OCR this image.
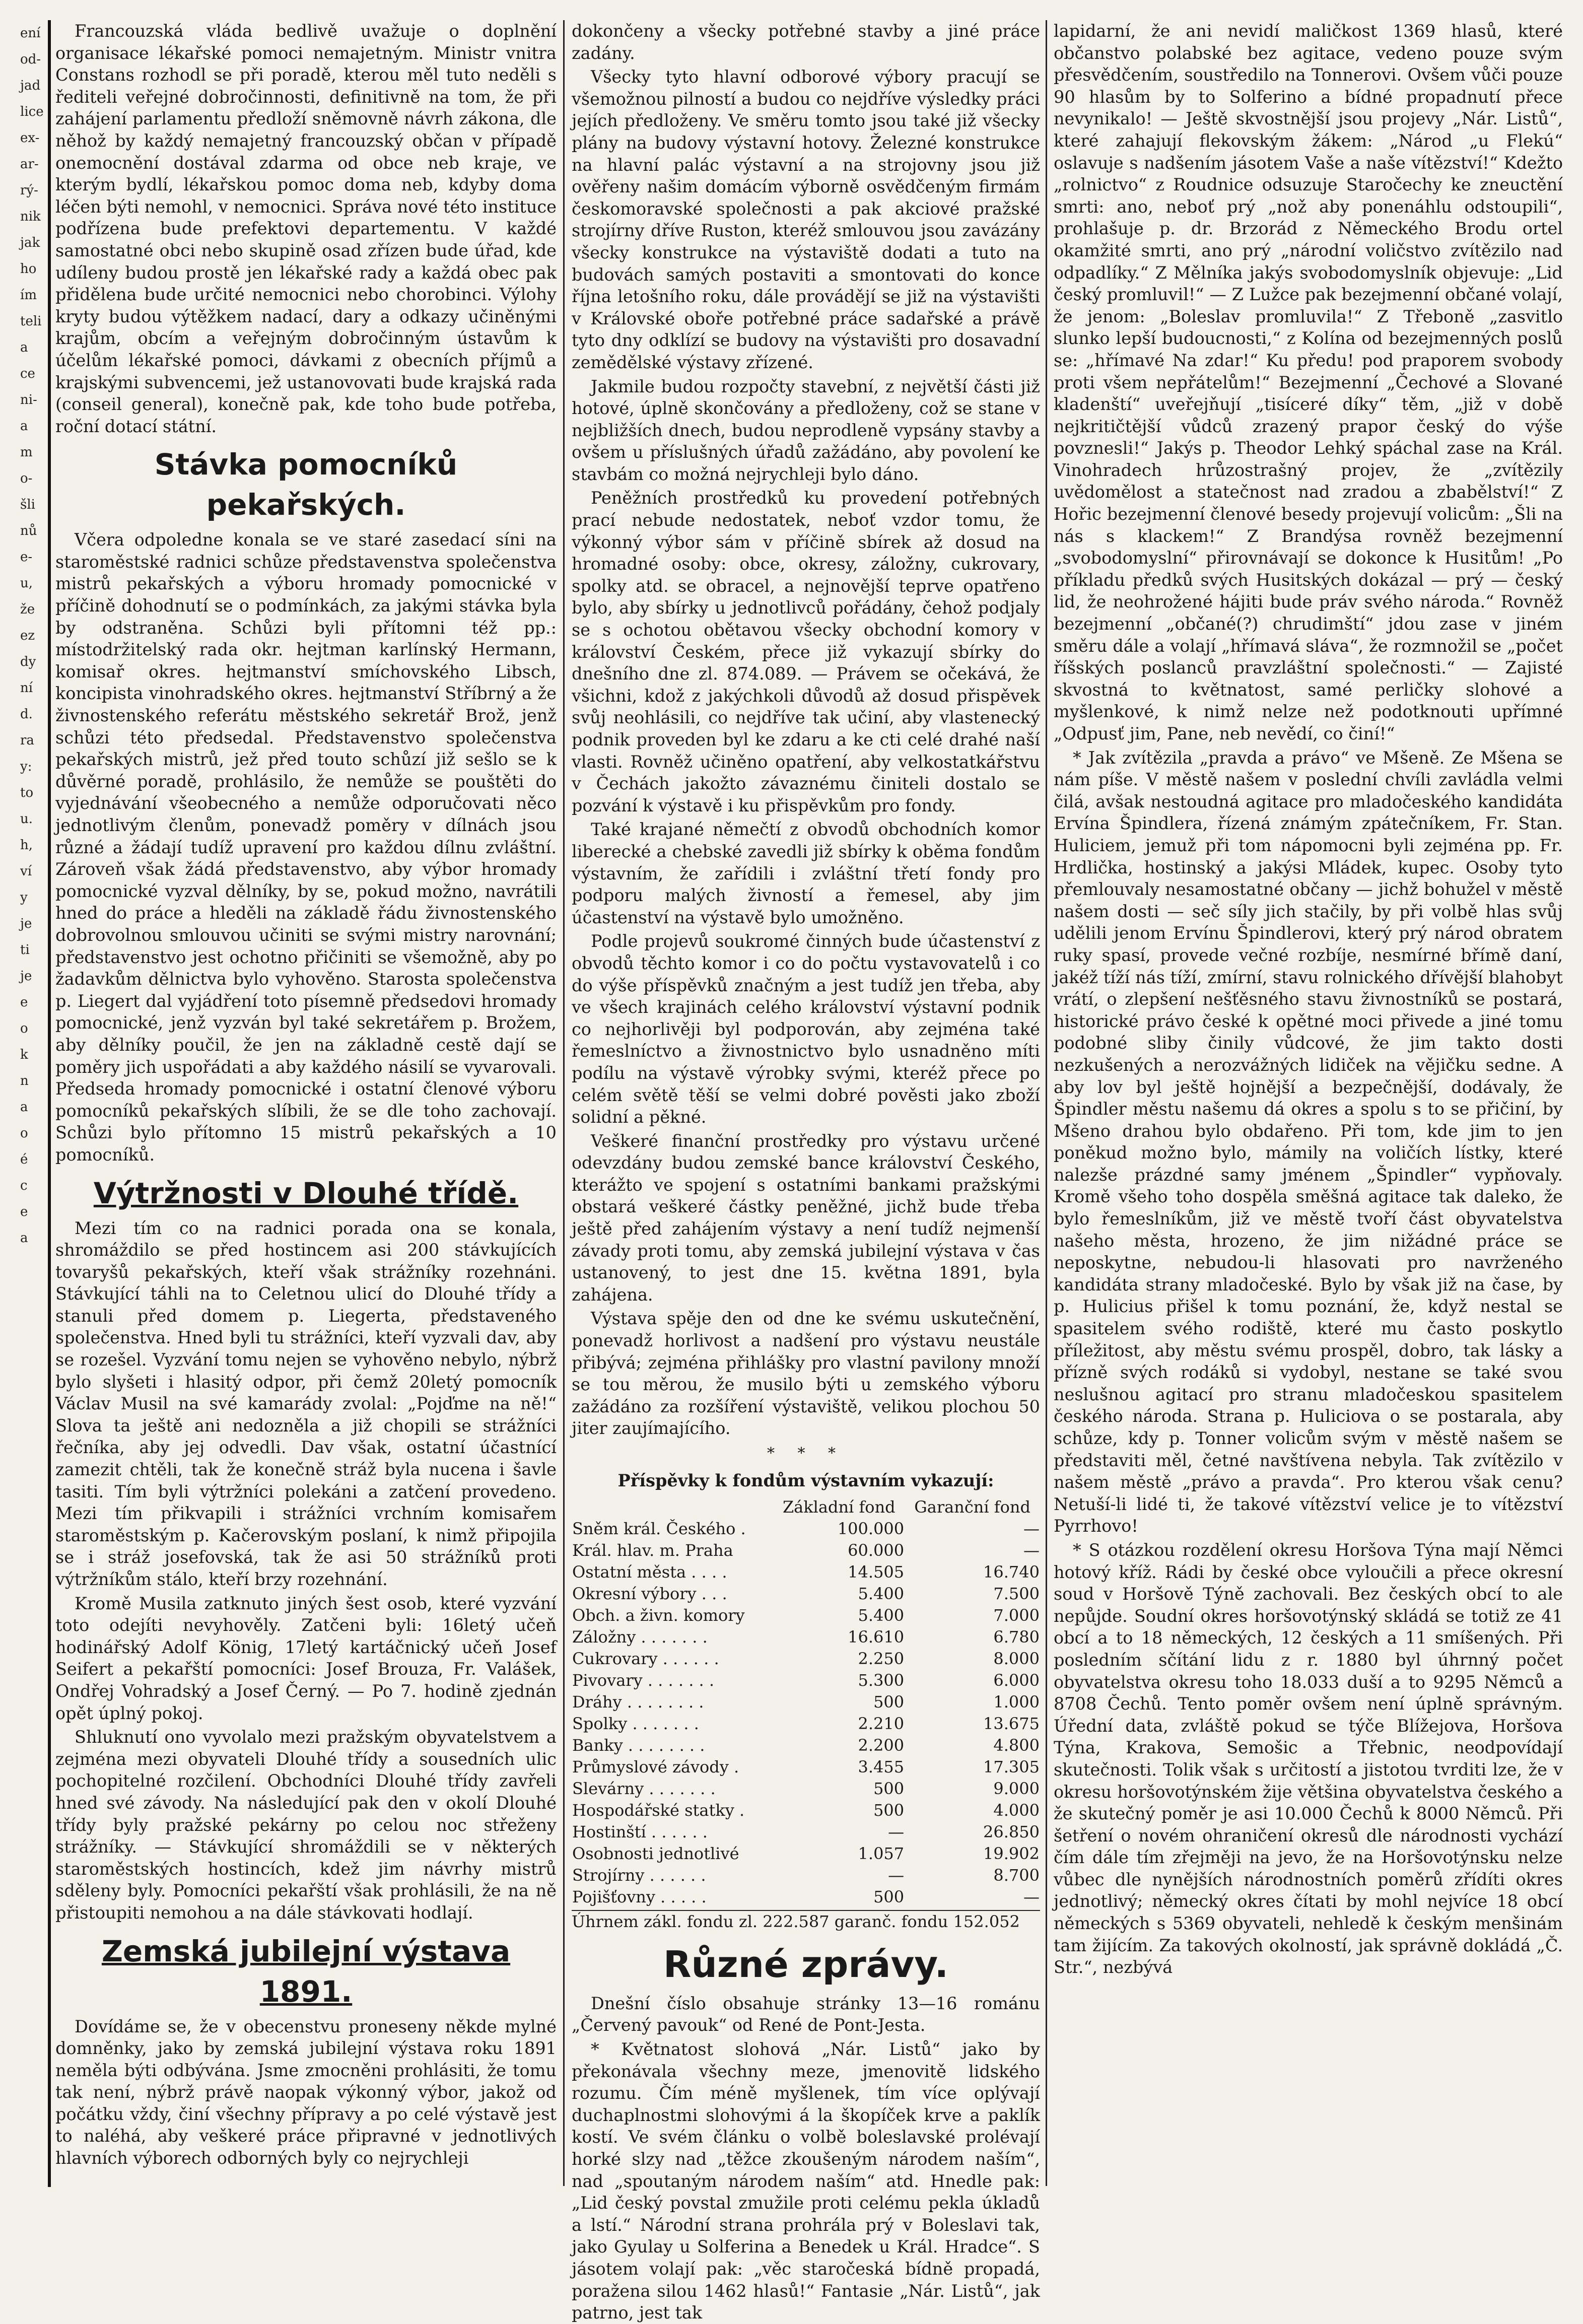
ení
od-
jad
lice
ex-
ar-
rý-
nik
jak
ho
ím
teli
a
ce
ni-
a
m
o-
šli
nů
e-
u,
že
ez
dy
ní
d.
ra
y:
to
u.
h,
ví
y
je
ti
je
e
o
k
n
a
o
é
c
e
a

Francouzská vláda bedlivě uvažuje o doplnění organisace lékařské pomoci nemajetným. Ministr vnitra Constans rozhodl se při poradě, kterou měl tuto neděli s řediteli veřejné dobročinnosti, definitivně na tom, že při zahájení parlamentu předloží sněmovně návrh zákona, dle něhož by každý nemajetný francouzský občan v případě onemocnění dostával zdarma od obce neb kraje, ve kterým bydlí, lékařskou pomoc doma neb, kdyby doma léčen býti nemohl, v nemocnici. Správa nové této instituce podřízena bude prefektovi departementu. V každé samostatné obci nebo skupině osad zřízen bude úřad, kde udíleny budou prostě jen lékařské rady a každá obec pak přidělena bude určité nemocnici nebo chorobinci. Výlohy kryty budou výtěžkem nadací, dary a odkazy učiněnými krajům, obcím a veřejným dobročinným ústavům k účelům lékařské pomoci, dávkami z obecních příjmů a krajskými subvencemi, jež ustanovovati bude krajská rada (conseil general), konečně pak, kde toho bude potřeba, roční dotací státní.

Stávka pomocníků pekařských.

Včera odpoledne konala se ve staré zasedací síni na staroměstské radnici schůze představenstva společenstva mistrů pekařských a výboru hromady pomocnické v příčině dohodnutí se o podmínkách, za jakými stávka byla by odstraněna. Schůzi byli přítomni též pp.: místodržitelský rada okr. hejtman karlínský Hermann, komisař okres. hejtmanství smíchovského Libsch, koncipista vinohradského okres. hejtmanství Stříbrný a že živnostenského referátu městského sekretář Brož, jenž schůzi této předsedal. Představenstvo společenstva pekařských mistrů, jež před touto schůzí již sešlo se k důvěrné poradě, prohlásilo, že nemůže se pouštěti do vyjednávání všeobecného a nemůže odporučovati něco jednotlivým členům, ponevadž poměry v dílnách jsou různé a žádají tudíž upravení pro každou dílnu zvláštní. Zároveň však žádá představenstvo, aby výbor hromady pomocnické vyzval dělníky, by se, pokud možno, navrátili hned do práce a hleděli na základě řádu živnostenského dobrovolnou smlouvou učiniti se svými mistry narovnání; představenstvo jest ochotno přičiniti se všemožně, aby po žadavkům dělnictva bylo vyhověno. Starosta společenstva p. Liegert dal vyjádření toto písemně předsedovi hromady pomocnické, jenž vyzván byl také sekretářem p. Brožem, aby dělníky poučil, že jen na základně cestě dají se poměry jich uspořádati a aby každého násilí se vyvarovali. Předseda hromady pomocnické i ostatní členové výboru pomocníků pekařských slíbili, že se dle toho zachovají. Schůzi bylo přítomno 15 mistrů pekařských a 10 pomocníků.

Výtržnosti v Dlouhé třídě.

Mezi tím co na radnici porada ona se konala, shromáždilo se před hostincem asi 200 stávkujících tovaryšů pekařských, kteří však strážníky rozehnáni. Stávkující táhli na to Celetnou ulicí do Dlouhé třídy a stanuli před domem p. Liegerta, představeného společenstva. Hned byli tu strážníci, kteří vyzvali dav, aby se rozešel. Vyzvání tomu nejen se vyhověno nebylo, nýbrž bylo slyšeti i hlasitý odpor, při čemž 20letý pomocník Václav Musil na své kamarády zvolal: „Pojďme na ně!“ Slova ta ještě ani nedozněla a již chopili se strážníci řečníka, aby jej odvedli. Dav však, ostatní účastnící zamezit chtěli, tak že konečně stráž byla nucena i šavle tasiti. Tím byli výtržníci polekáni a zatčení provedeno. Mezi tím přikvapili i strážníci vrchním komisařem staroměstským p. Kačerovským poslaní, k nimž připojila se i stráž josefovská, tak že asi 50 strážníků proti výtržníkům stálo, kteří brzy rozehnání.

Kromě Musila zatknuto jiných šest osob, které vyzvání toto odejíti nevyhověly. Zatčeni byli: 16letý učeň hodinářský Adolf König, 17letý kartáčnický učeň Josef Seifert a pekařští pomocníci: Josef Brouza, Fr. Valášek, Ondřej Vohradský a Josef Černý. — Po 7. hodině zjednán opět úplný pokoj.

Shluknutí ono vyvolalo mezi pražským obyvatelstvem a zejména mezi obyvateli Dlouhé třídy a sousedních ulic pochopitelné rozčilení. Obchodníci Dlouhé třídy zavřeli hned své závody. Na následující pak den v okolí Dlouhé třídy byly pražské pekárny po celou noc střeženy strážníky. — Stávkující shromáždili se v některých staroměstských hostincích, kdež jim návrhy mistrů sděleny byly. Pomocníci pekařští však prohlásili, že na ně přistoupiti nemohou a na dále stávkovati hodlají.

Zemská jubilejní výstava 1891.

Dovídáme se, že v obecenstvu proneseny někde mylné domněnky, jako by zemská jubilejní výstava roku 1891 neměla býti odbývána. Jsme zmocněni prohlásiti, že tomu tak není, nýbrž právě naopak výkonný výbor, jakož od počátku vždy, činí všechny přípravy a po celé výstavě jest to naléhá, aby veškeré práce připravné v jednotlivých hlavních výborech odborných byly co nejrychleji

dokončeny a všecky potřebné stavby a jiné práce zadány.

Všecky tyto hlavní odborové výbory pracují se všemožnou pilností a budou co nejdříve výsledky práci jejích předloženy. Ve směru tomto jsou také již všecky plány na budovy výstavní hotovy. Železné konstrukce na hlavní palác výstavní a na strojovny jsou již ověřeny našim domácím výborně osvědčeným firmám českomoravské společnosti a pak akciové pražské strojírny dříve Ruston, kteréž smlouvou jsou zavázány všecky konstrukce na výstaviště dodati a tuto na budovách samých postaviti a smontovati do konce října letošního roku, dále provádějí se již na výstavišti v Královské oboře potřebné práce sadařské a právě tyto dny odklízí se budovy na výstavišti pro dosavadní zemědělské výstavy zřízené.

Jakmile budou rozpočty stavební, z největší části již hotové, úplně skončovány a předloženy, což se stane v nejbližších dnech, budou neprodleně vypsány stavby a ovšem u příslušných úřadů zažádáno, aby povolení ke stavbám co možná nejrychleji bylo dáno.

Peněžních prostředků ku provedení potřebných prací nebude nedostatek, neboť vzdor tomu, že výkonný výbor sám v příčině sbírek až dosud na hromadné osoby: obce, okresy, záložny, cukrovary, spolky atd. se obracel, a nejnovější teprve opatřeno bylo, aby sbírky u jednotlivců pořádány, čehož podjaly se s ochotou obětavou všecky obchodní komory v království Českém, přece již vykazují sbírky do dnešního dne zl. 874.089. — Právem se očekává, že všichni, kdož z jakýchkoli důvodů až dosud přispěvek svůj neohlásili, co nejdříve tak učiní, aby vlastenecký podnik proveden byl ke zdaru a ke cti celé drahé naší vlasti. Rovněž učiněno opatření, aby velkostatkářstvu v Čechách jakožto závaznému činiteli dostalo se pozvání k výstavě i ku přispěvkům pro fondy.

Také krajané němečtí z obvodů obchodních komor liberecké a chebské zavedli již sbírky k oběma fondům výstavním, že zařídili i zvláštní třetí fondy pro podporu malých živností a řemesel, aby jim účastenství na výstavě bylo umožněno.

Podle projevů soukromé činných bude účastenství z obvodů těchto komor i co do počtu vystavovatelů i co do výše příspěvků značným a jest tudíž jen třeba, aby ve všech krajinách celého království výstavní podnik co nejhorlivěji byl podporován, aby zejména také řemeslníctvo a živnostnictvo bylo usnadněno míti podílu na výstavě výrobky svými, kteréž přece po celém světě těší se velmi dobré pověsti jako zboží solidní a pěkné.

Veškeré finanční prostředky pro výstavu určené odevzdány budou zemské bance království Českého, kterážto ve spojení s ostatními bankami pražskými obstará veškeré částky peněžné, jichž bude třeba ještě před zahájením výstavy a není tudíž nejmenší závady proti tomu, aby zemská jubilejní výstava v čas ustanovený, to jest dne 15. května 1891, byla zahájena.

Výstava spěje den od dne ke svému uskutečnění, ponevadž horlivost a nadšení pro výstavu neustále přibývá; zejména přihlášky pro vlastní pavilony množí se tou měrou, že musilo býti u zemského výboru zažádáno za rozšíření výstaviště, velikou plochou 50 jiter zaujímajícího.

* * *
Příspěvky k fondům výstavním vykazují:
	Základní fond	Garanční fond
Sněm král. Českého .	100.000	—
Král. hlav. m. Praha	60.000	—
Ostatní města . . . .	14.505	16.740
Okresní výbory . . .	5.400	7.500
Obch. a živn. komory	5.400	7.000
Záložny . . . . . . .	16.610	6.780
Cukrovary . . . . . .	2.250	8.000
Pivovary . . . . . . .	5.300	6.000
Dráhy . . . . . . . .	500	1.000
Spolky . . . . . . .	2.210	13.675
Banky . . . . . . . .	2.200	4.800
Průmyslové závody .	3.455	17.305
Slevárny . . . . . . .	500	9.000
Hospodářské statky .	500	4.000
Hostinští . . . . . .	—	26.850
Osobnosti jednotlivé	1.057	19.902
Strojírny . . . . . .	—	8.700
Pojišťovny . . . . .	500	—
Úhrnem zákl. fondu zl. 222.587 garanč. fondu 152.052
Různé zprávy.

Dnešní číslo obsahuje stránky 13—16 románu „Červený pavouk“ od René de Pont-Jesta.

* Květnatost slohová „Nár. Listů“ jako by překonávala všechny meze, jmenovitě lidského rozumu. Čím méně myšlenek, tím více oplývají duchaplnostmi slohovými á la škopíček krve a paklík kostí. Ve svém článku o volbě boleslavské prolévají horké slzy nad „těžce zkoušeným národem naším“, nad „spoutaným národem naším“ atd. Hnedle pak: „Lid český povstal zmužile proti celému pekla úkladů a lstí.“ Národní strana prohrála prý v Boleslavi tak, jako Gyulay u Solferina a Benedek u Král. Hradce“. S jásotem volají pak: „věc staročeská bídně propadá, poražena silou 1462 hlasů!“ Fantasie „Nár. Listů“, jak patrno, jest tak

lapidarní, že ani nevidí maličkost 1369 hlasů, které občanstvo polabské bez agitace, vedeno pouze svým přesvědčením, soustředilo na Tonnerovi. Ovšem vůči pouze 90 hlasům by to Solferino a bídné propadnutí přece nevynikalo! — Ještě skvostnější jsou projevy „Nár. Listů“, které zahajují flekovským žákem: „Národ „u Flekú“ oslavuje s nadšením jásotem Vaše a naše vítězství!“ Kdežto „rolnictvo“ z Roudnice odsuzuje Staročechy ke zneuctění smrti: ano, neboť prý „nož aby ponenáhlu odstoupili“, prohlašuje p. dr. Brzorád z Německého Brodu ortel okamžité smrti, ano prý „národní voličstvo zvítězilo nad odpadlíky.“ Z Mělníka jakýs svobodomyslník objevuje: „Lid český promluvil!“ — Z Lužce pak bezejmenní občané volají, že jenom: „Boleslav promluvila!“ Z Třeboně „zasvitlo slunko lepší budoucnosti,“ z Kolína od bezejmenných poslů se: „hřímavé Na zdar!“ Ku předu! pod praporem svobody proti všem nepřátelům!“ Bezejmenní „Čechové a Slované kladenští“ uveřejňují „tisíceré díky“ těm, „již v době nejkritičtější vůdců zrazený prapor český do výše povznesli!“ Jakýs p. Theodor Lehký spáchal zase na Král. Vinohradech hrůzostrašný projev, že „zvítězily uvědomělost a statečnost nad zradou a zbabělství!“ Z Hořic bezejmenní členové besedy projevují volicům: „Šli na nás s klackem!“ Z Brandýsa rovněž bezejmenní „svobodomyslní“ přirovnávají se dokonce k Husitům! „Po příkladu předků svých Husitských dokázal — prý — český lid, že neohrožené hájiti bude práv svého národa.“ Rovněž bezejmenní „občané(?) chrudimští“ jdou zase v jiném směru dále a volají „hřímavá sláva“, že rozmnožil se „počet říšských poslanců pravzláštní společnosti.“ — Zajisté skvostná to květnatost, samé perličky slohové a myšlenkové, k nimž nelze než podotknouti upřímné „Odpusť jim, Pane, neb nevědí, co činí!“

* Jak zvítězila „pravda a právo“ ve Mšeně. Ze Mšena se nám píše. V městě našem v poslední chvíli zavládla velmi čilá, avšak nestoudná agitace pro mladočeského kandidáta Ervína Špindlera, řízená známým zpátečníkem, Fr. Stan. Huliciem, jemuž při tom nápomocni byli zejména pp. Fr. Hrdlička, hostinský a jakýsi Mládek, kupec. Osoby tyto přemlouvaly nesamostatné občany — jichž bohužel v městě našem dosti — seč síly jich stačily, by při volbě hlas svůj udělili jenom Ervínu Špindlerovi, který prý národ obratem ruky spasí, provede večné rozbíje, nesmírné břímě daní, jakéž tíží nás tíží, zmírní, stavu rolnického dřívější blahobyt vrátí, o zlepšení nešťěsného stavu živnostníků se postará, historické právo české k opětné moci přivede a jiné tomu podobné sliby činily vůdcové, že jim takto dosti nezkušených a nerozvážných lidiček na vějičku sedne. A aby lov byl ještě hojnější a bezpečnější, dodávaly, že Špindler městu našemu dá okres a spolu s to se přičiní, by Mšeno drahou bylo obdařeno. Při tom, kde jim to jen poněkud možno bylo, mámily na voličích lístky, které nalezše prázdné samy jménem „Špindler“ vypňovaly. Kromě všeho toho dospěla směšná agitace tak daleko, že bylo řemeslníkům, již ve městě tvoří část obyvatelstva našeho města, hrozeno, že jim nižádné práce se neposkytne, nebudou-li hlasovati pro navrženého kandidáta strany mladočeské. Bylo by však již na čase, by p. Hulicius přišel k tomu poznání, že, když nestal se spasitelem svého rodiště, které mu často poskytlo příležitost, aby městu svému prospěl, dobro, tak lásky a přízně svých rodáků si vydobyl, nestane se také svou neslušnou agitací pro stranu mladočeskou spasitelem českého národa. Strana p. Huliciova o se postarala, aby schůze, kdy p. Tonner volicům svým v městě našem se představiti měl, četné navštívena nebyla. Tak zvítězilo v našem městě „právo a pravda“. Pro kterou však cenu? Netuší-li lidé ti, že takové vítězství velice je to vítězství Pyrrhovo!

* S otázkou rozdělení okresu Horšova Týna mají Němci hotový kříž. Rádi by české obce vyloučili a přece okresní soud v Horšově Týně zachovali. Bez českých obcí to ale nepůjde. Soudní okres horšovotýnský skládá se totiž ze 41 obcí a to 18 německých, 12 českých a 11 smíšených. Při posledním sčítání lidu z r. 1880 byl úhrnný počet obyvatelstva okresu toho 18.033 duší a to 9295 Němců a 8708 Čechů. Tento poměr ovšem není úplně správným. Úřední data, zvláště pokud se týče Blížejova, Horšova Týna, Krakova, Semošic a Třebnic, neodpovídají skutečnosti. Tolik však s určitostí a jistotou tvrditi lze, že v okresu horšovotýnském žije většina obyvatelstva českého a že skutečný poměr je asi 10.000 Čechů k 8000 Němců. Při šetření o novém ohraničení okresů dle národnosti vychází čím dále tím zřejměji na jevo, že na Horšovotýnsku nelze vůbec dle nynějších národnostních poměrů zřídíti okres jednotlivý; německý okres čítati by mohl nejvíce 18 obcí německých s 5369 obyvateli, nehledě k českým menšinám tam žijícím. Za takových okolností, jak správně dokládá „Č. Str.“, nezbývá
